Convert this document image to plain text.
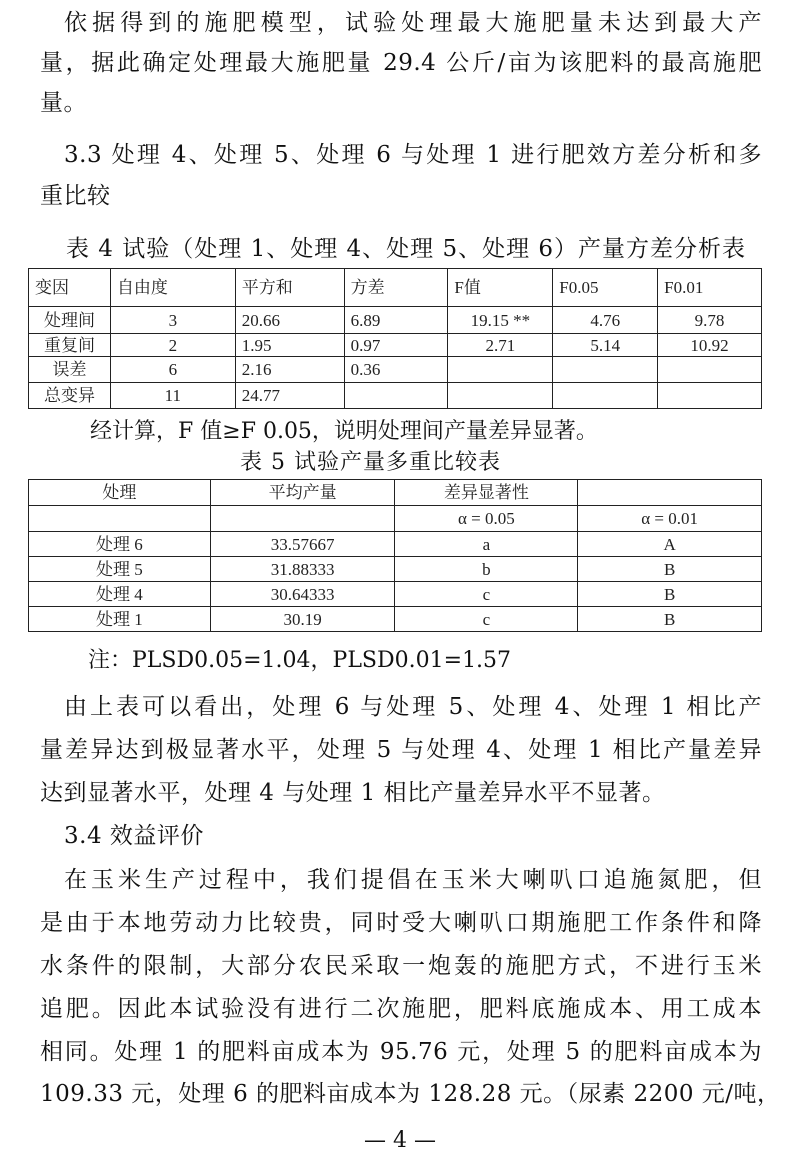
依据得到的施肥模型，试验处理最大施肥量未达到最大产
量，据此确定处理最大施肥量 29.4 公斤/亩为该肥料的最高施肥
量。
3.3 处理 4、处理 5、处理 6 与处理 1 进行肥效方差分析和多
重比较
表 4 试验（处理 1、处理 4、处理 5、处理 6）产量方差分析表
变因	自由度	平方和	方差	F值	F0.05	F0.01
处理间	3	20.66	6.89	19.15 **	4.76	9.78
重复间	2	1.95	0.97	2.71	5.14	10.92
误差	6	2.16	0.36			
总变异	11	24.77				
经计算，F 值≥F 0.05，说明处理间产量差异显著。
表 5 试验产量多重比较表
处理	平均产量	差异显著性	
		α = 0.05	α = 0.01
处理 6	33.57667	a	A
处理 5	31.88333	b	B
处理 4	30.64333	c	B
处理 1	30.19	c	B
注：PLSD0.05=1.04，PLSD0.01=1.57
由上表可以看出，处理 6 与处理 5、处理 4、处理 1 相比产
量差异达到极显著水平，处理 5 与处理 4、处理 1 相比产量差异
达到显著水平，处理 4 与处理 1 相比产量差异水平不显著。
3.4 效益评价
在玉米生产过程中，我们提倡在玉米大喇叭口追施氮肥，但
是由于本地劳动力比较贵，同时受大喇叭口期施肥工作条件和降
水条件的限制，大部分农民采取一炮轰的施肥方式，不进行玉米
追肥。因此本试验没有进行二次施肥，肥料底施成本、用工成本
相同。处理 1 的肥料亩成本为 95.76 元，处理 5 的肥料亩成本为
109.33 元，处理 6 的肥料亩成本为 128.28 元。（尿素 2200 元/吨，
— 4 —
